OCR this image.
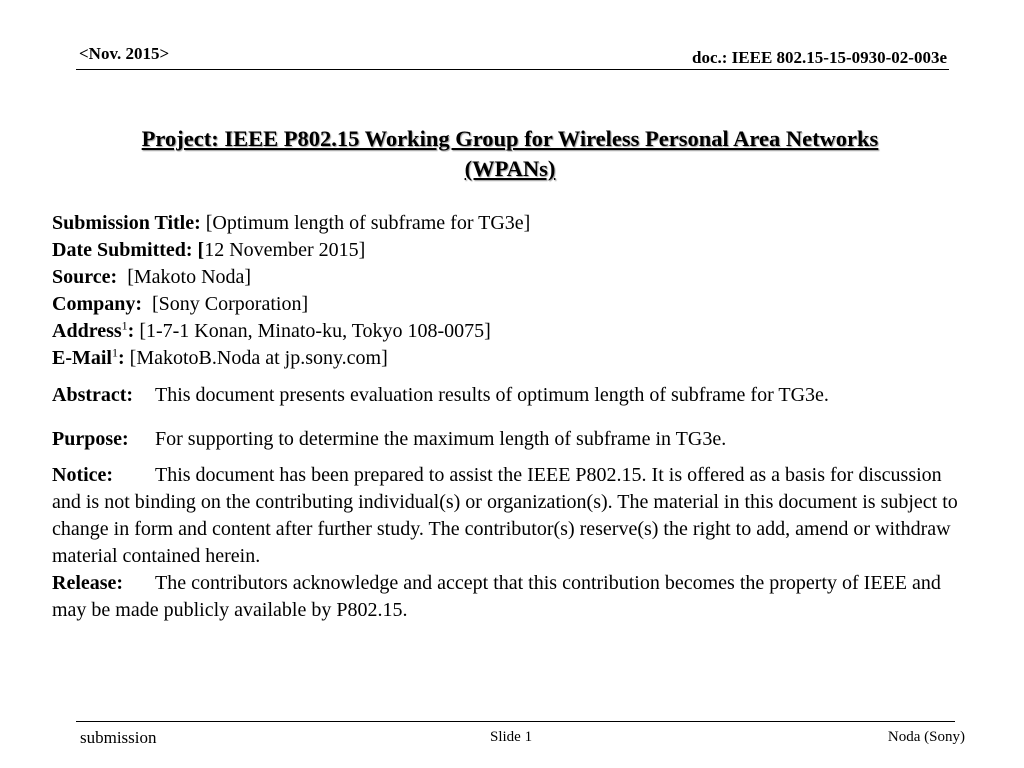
<Nov. 2015>	doc.: IEEE 802.15-15-0930-02-003e
Project: IEEE P802.15 Working Group for Wireless Personal Area Networks
(WPANs)
Submission Title: [Optimum length of subframe for TG3e]
Date Submitted: [12 November 2015]
Source:  [Makoto Noda]
Company:  [Sony Corporation]
Address$^1$: [1-7-1 Konan, Minato-ku, Tokyo 108-0075]
E-Mail$^1$: [MakotoB.Noda at jp.sony.com]
Abstract: This document presents evaluation results of optimum length of subframe for TG3e.
Purpose: For supporting to determine the maximum length of subframe in TG3e.
Notice: This document has been prepared to assist the IEEE P802.15. It is offered as a basis for discussion and is not binding on the contributing individual(s) or organization(s). The material in this document is subject to change in form and content after further study. The contributor(s) reserve(s) the right to add, amend or withdraw material contained herein.
Release: The contributors acknowledge and accept that this contribution becomes the property of IEEE and may be made publicly available by P802.15.
submission	Slide 1	Noda (Sony)
